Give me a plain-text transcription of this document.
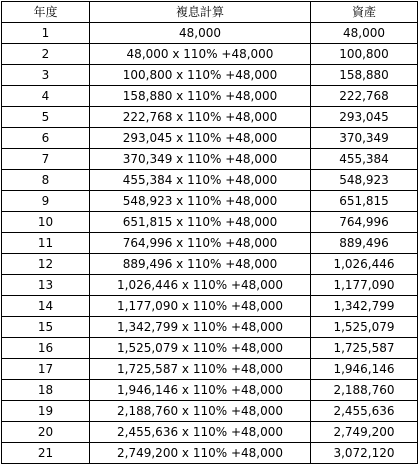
年度	複息計算	資產
1	48,000	48,000
2	48,000 x 110% +48,000	100,800
3	100,800 x 110% +48,000	158,880
4	158,880 x 110% +48,000	222,768
5	222,768 x 110% +48,000	293,045
6	293,045 x 110% +48,000	370,349
7	370,349 x 110% +48,000	455,384
8	455,384 x 110% +48,000	548,923
9	548,923 x 110% +48,000	651,815
10	651,815 x 110% +48,000	764,996
11	764,996 x 110% +48,000	889,496
12	889,496 x 110% +48,000	1,026,446
13	1,026,446 x 110% +48,000	1,177,090
14	1,177,090 x 110% +48,000	1,342,799
15	1,342,799 x 110% +48,000	1,525,079
16	1,525,079 x 110% +48,000	1,725,587
17	1,725,587 x 110% +48,000	1,946,146
18	1,946,146 x 110% +48,000	2,188,760
19	2,188,760 x 110% +48,000	2,455,636
20	2,455,636 x 110% +48,000	2,749,200
21	2,749,200 x 110% +48,000	3,072,120
